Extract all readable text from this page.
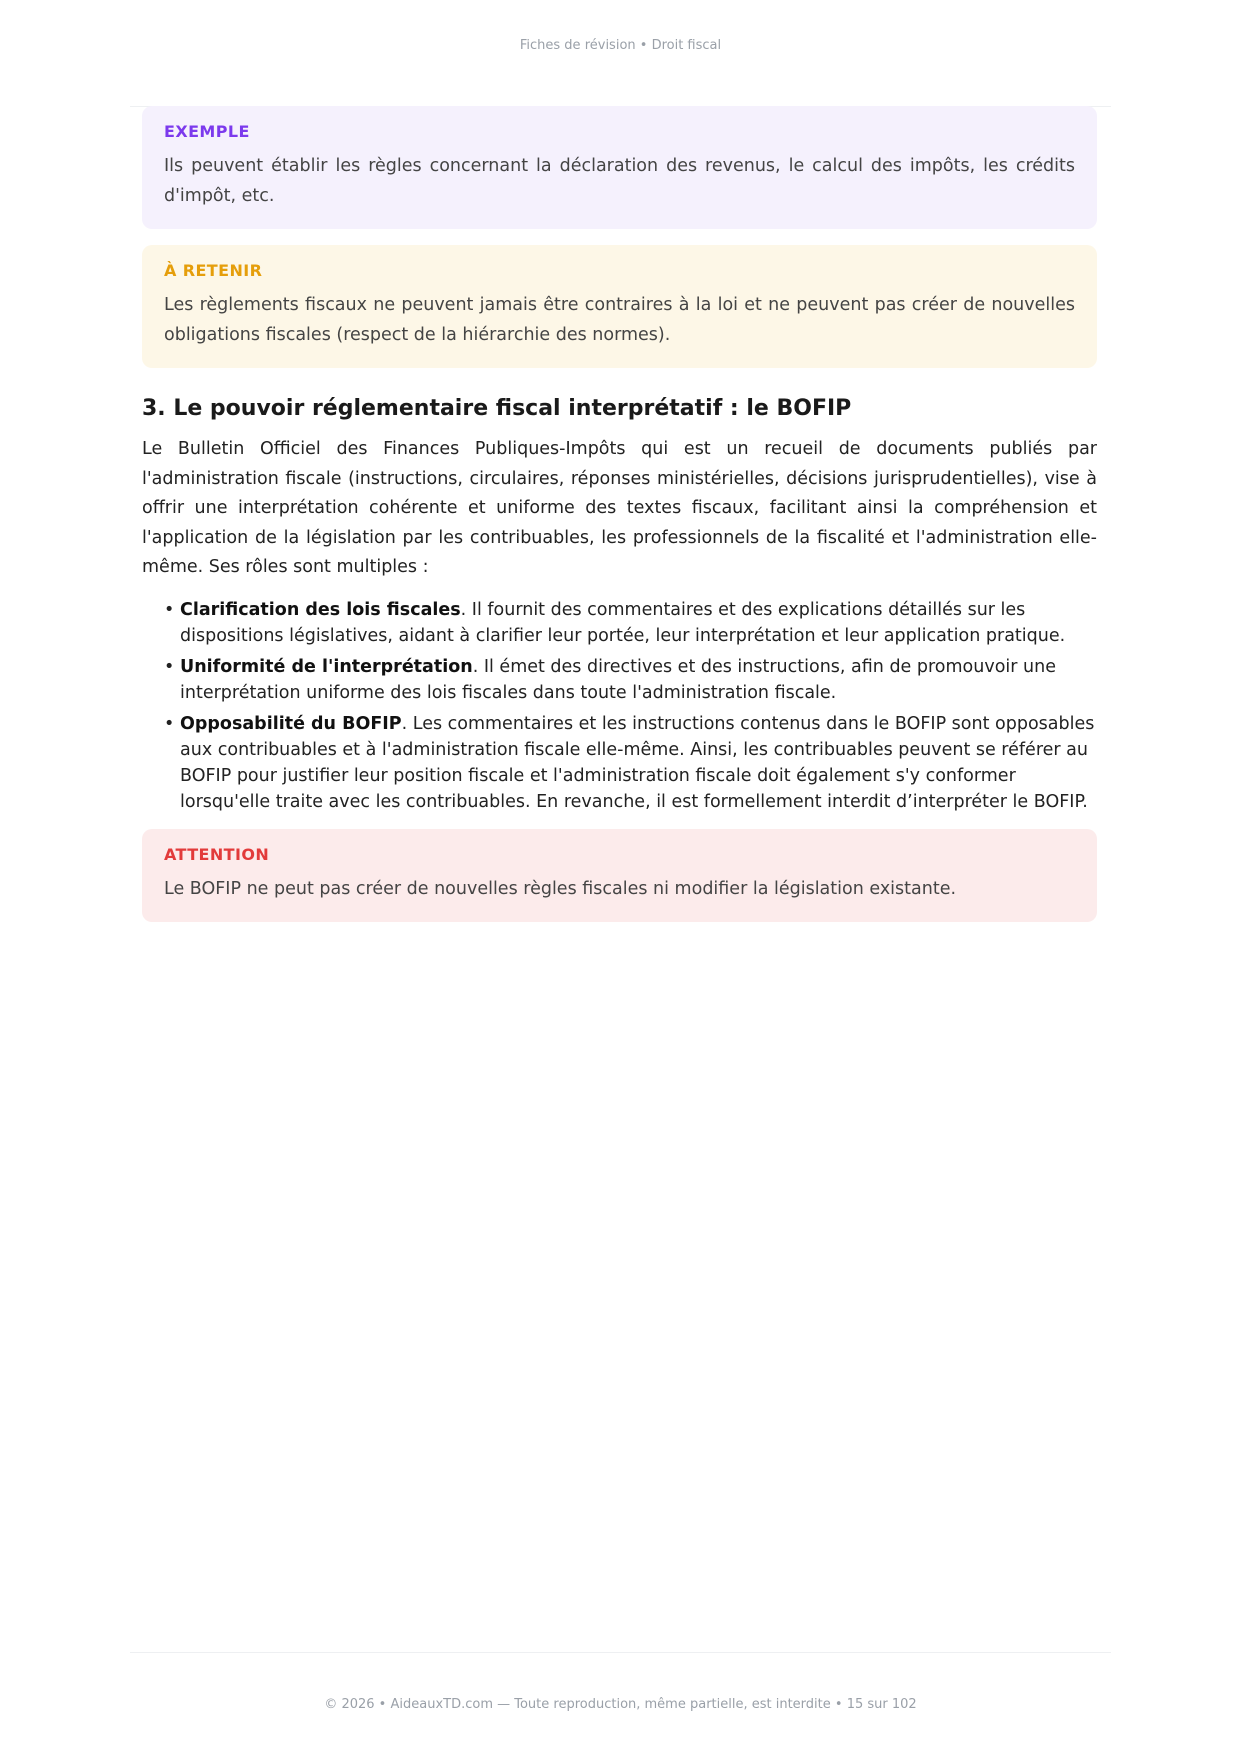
Fiches de révision • Droit fiscal
EXEMPLE
Ils peuvent établir les règles concernant la déclaration des revenus, le calcul des impôts, les crédits d'impôt, etc.
À RETENIR
Les règlements fiscaux ne peuvent jamais être contraires à la loi et ne peuvent pas créer de nouvelles obligations fiscales (respect de la hiérarchie des normes).
3. Le pouvoir réglementaire fiscal interprétatif : le BOFIP

Le Bulletin Officiel des Finances Publiques-Impôts qui est un recueil de documents publiés par l'administration fiscale (instructions, circulaires, réponses ministérielles, décisions jurisprudentielles), vise à offrir une interprétation cohérente et uniforme des textes fiscaux, facilitant ainsi la compréhension et l'application de la législation par les contribuables, les professionnels de la fiscalité et l'administration elle-même. Ses rôles sont multiples :

• Clarification des lois fiscales. Il fournit des commentaires et des explications détaillés sur les dispositions législatives, aidant à clarifier leur portée, leur interprétation et leur application pratique.
• Uniformité de l'interprétation. Il émet des directives et des instructions, afin de promouvoir une interprétation uniforme des lois fiscales dans toute l'administration fiscale.
• Opposabilité du BOFIP. Les commentaires et les instructions contenus dans le BOFIP sont opposables aux contribuables et à l'administration fiscale elle-même. Ainsi, les contribuables peuvent se référer au BOFIP pour justifier leur position fiscale et l'administration fiscale doit également s'y conformer lorsqu'elle traite avec les contribuables. En revanche, il est formellement interdit d’interpréter le BOFIP.
ATTENTION
Le BOFIP ne peut pas créer de nouvelles règles fiscales ni modifier la législation existante.
© 2026 • AideauxTD.com — Toute reproduction, même partielle, est interdite • 15 sur 102
